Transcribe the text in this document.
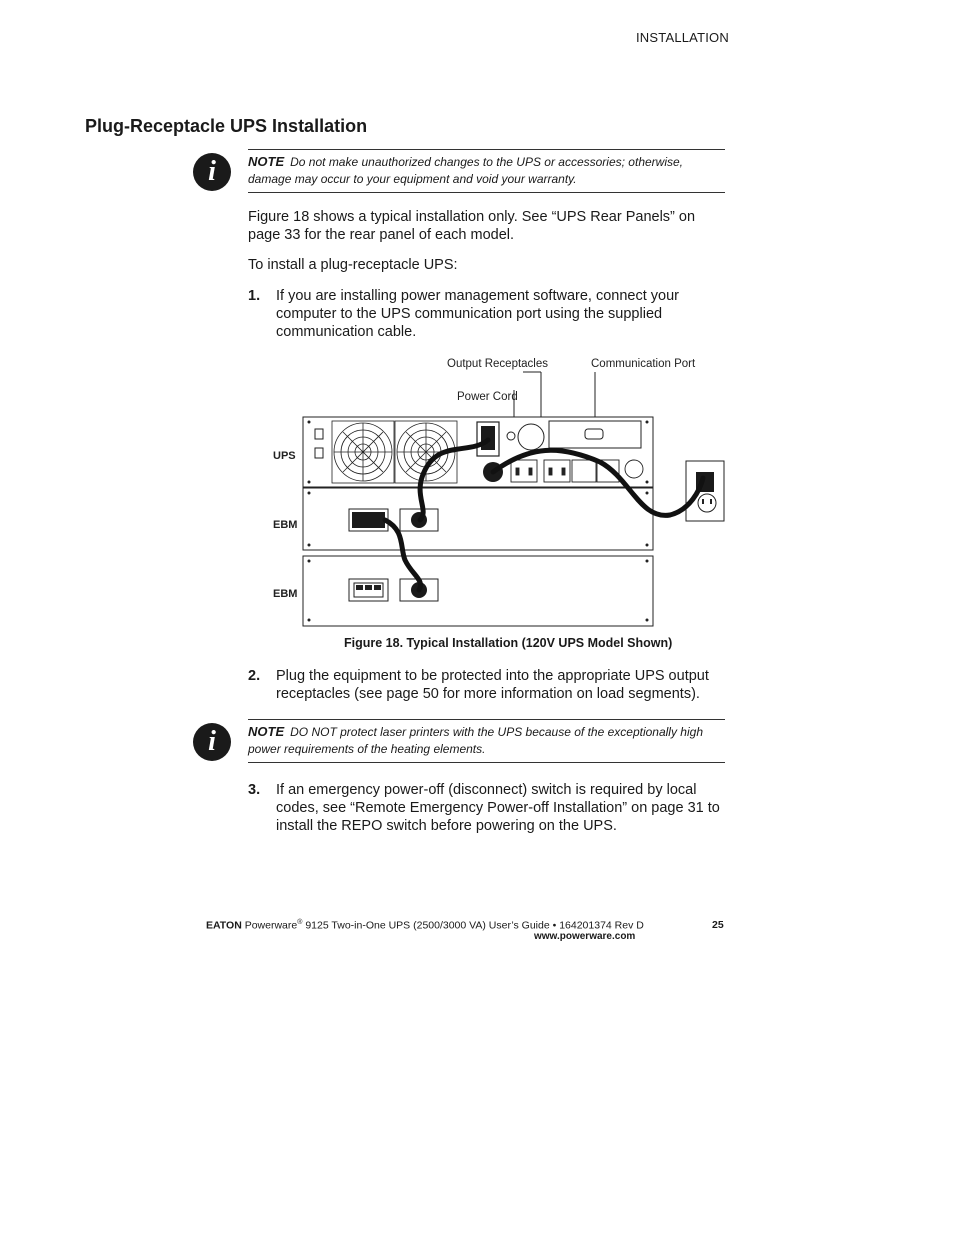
INSTALLATION
Plug-Receptacle UPS Installation
i	NOTE Do not make unauthorized changes to the UPS or accessories; otherwise, damage may occur to your equipment and void your warranty.
Figure 18 shows a typical installation only. See “UPS Rear Panels” on page 33 for the rear panel of each model.
To install a plug-receptacle UPS:
1. If you are installing power management software, connect your computer to the UPS communication port using the supplied communication cable.
Output Receptacles	Communication Port
Power Cord
UPS
EBM
EBM
Figure 18. Typical Installation (120V UPS Model Shown)
2. Plug the equipment to be protected into the appropriate UPS output receptacles (see page 50 for more information on load segments).
i	NOTE DO NOT protect laser printers with the UPS because of the exceptionally high power requirements of the heating elements.
3. If an emergency power-off (disconnect) switch is required by local codes, see “Remote Emergency Power-off Installation” on page 31 to install the REPO switch before powering on the UPS.
EATON Powerware® 9125 Two-in-One UPS (2500/3000 VA) User’s Guide • 164201374 Rev D
www.powerware.com
25
